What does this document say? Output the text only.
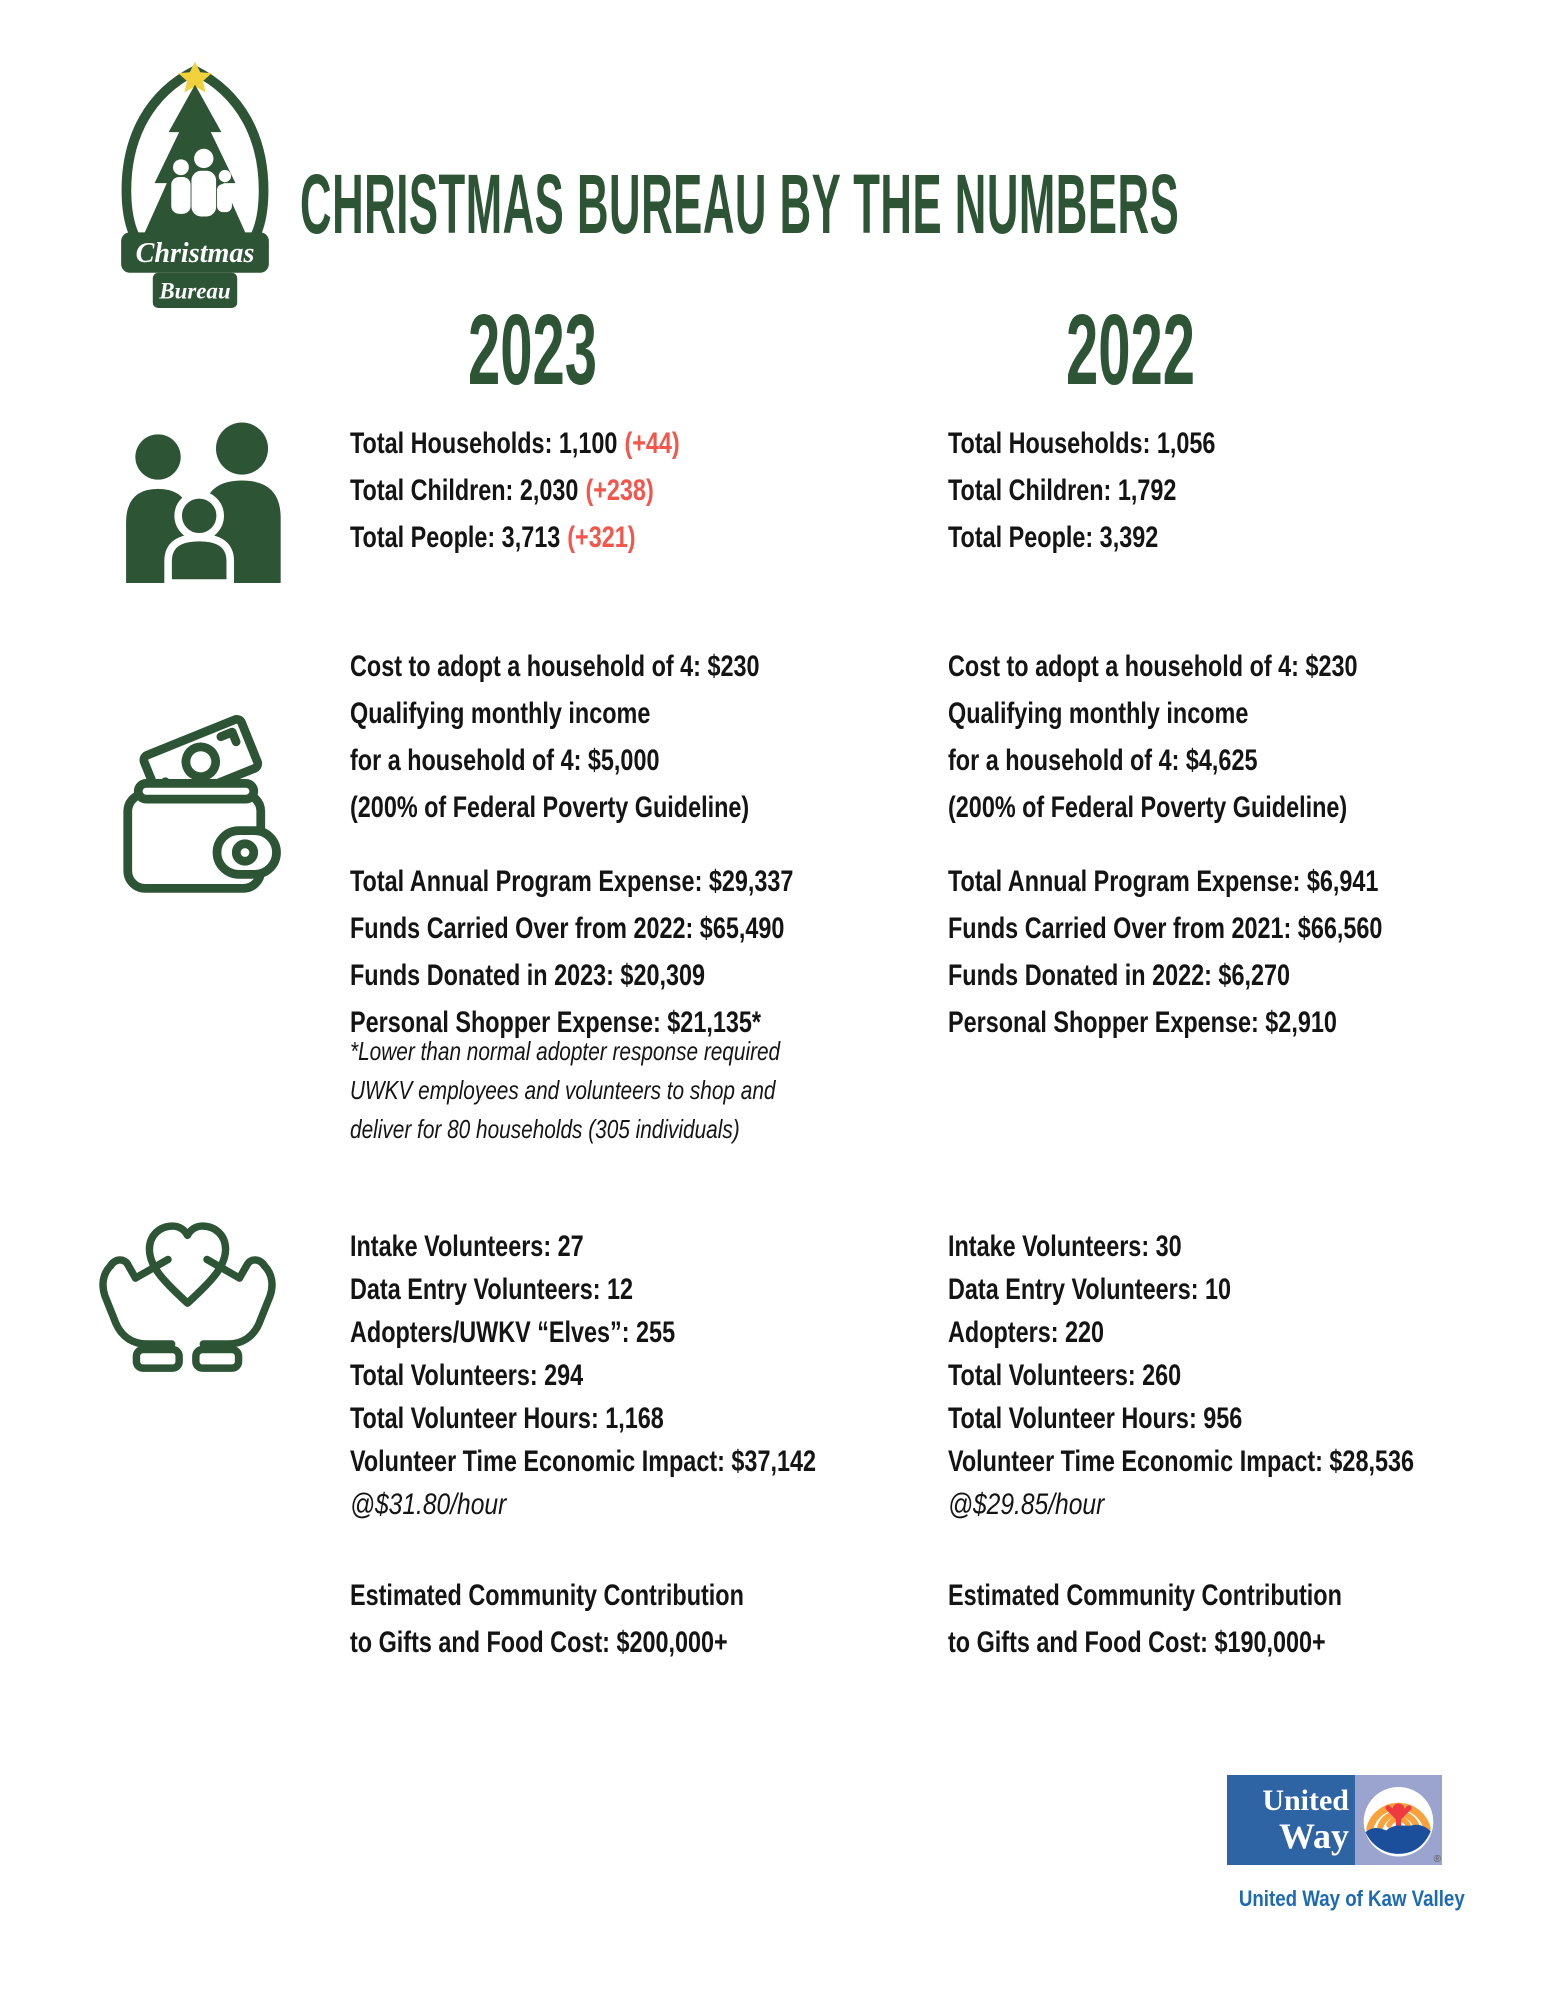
Christmas
Bureau
CHRISTMAS BUREAU BY THE NUMBERS
2023	2022
Total Households: 1,100 (+44)
Total Children: 2,030 (+238)
Total People: 3,713 (+321)
Total Households: 1,056
Total Children: 1,792
Total People: 3,392
Cost to adopt a household of 4: $230
Qualifying monthly income
for a household of 4: $5,000
(200% of Federal Poverty Guideline)
Cost to adopt a household of 4: $230
Qualifying monthly income
for a household of 4: $4,625
(200% of Federal Poverty Guideline)
Total Annual Program Expense: $29,337
Funds Carried Over from 2022: $65,490
Funds Donated in 2023: $20,309
Personal Shopper Expense: $21,135*
*Lower than normal adopter response required
UWKV employees and volunteers to shop and
deliver for 80 households (305 individuals)
Total Annual Program Expense: $6,941
Funds Carried Over from 2021: $66,560
Funds Donated in 2022: $6,270
Personal Shopper Expense: $2,910
Intake Volunteers: 27
Data Entry Volunteers: 12
Adopters/UWKV “Elves”: 255
Total Volunteers: 294
Total Volunteer Hours: 1,168
Volunteer Time Economic Impact: $37,142
@$31.80/hour
Intake Volunteers: 30
Data Entry Volunteers: 10
Adopters: 220
Total Volunteers: 260
Total Volunteer Hours: 956
Volunteer Time Economic Impact: $28,536
@$29.85/hour
Estimated Community Contribution
to Gifts and Food Cost: $200,000+
Estimated Community Contribution
to Gifts and Food Cost: $190,000+
United
Way
®
United Way of Kaw Valley
